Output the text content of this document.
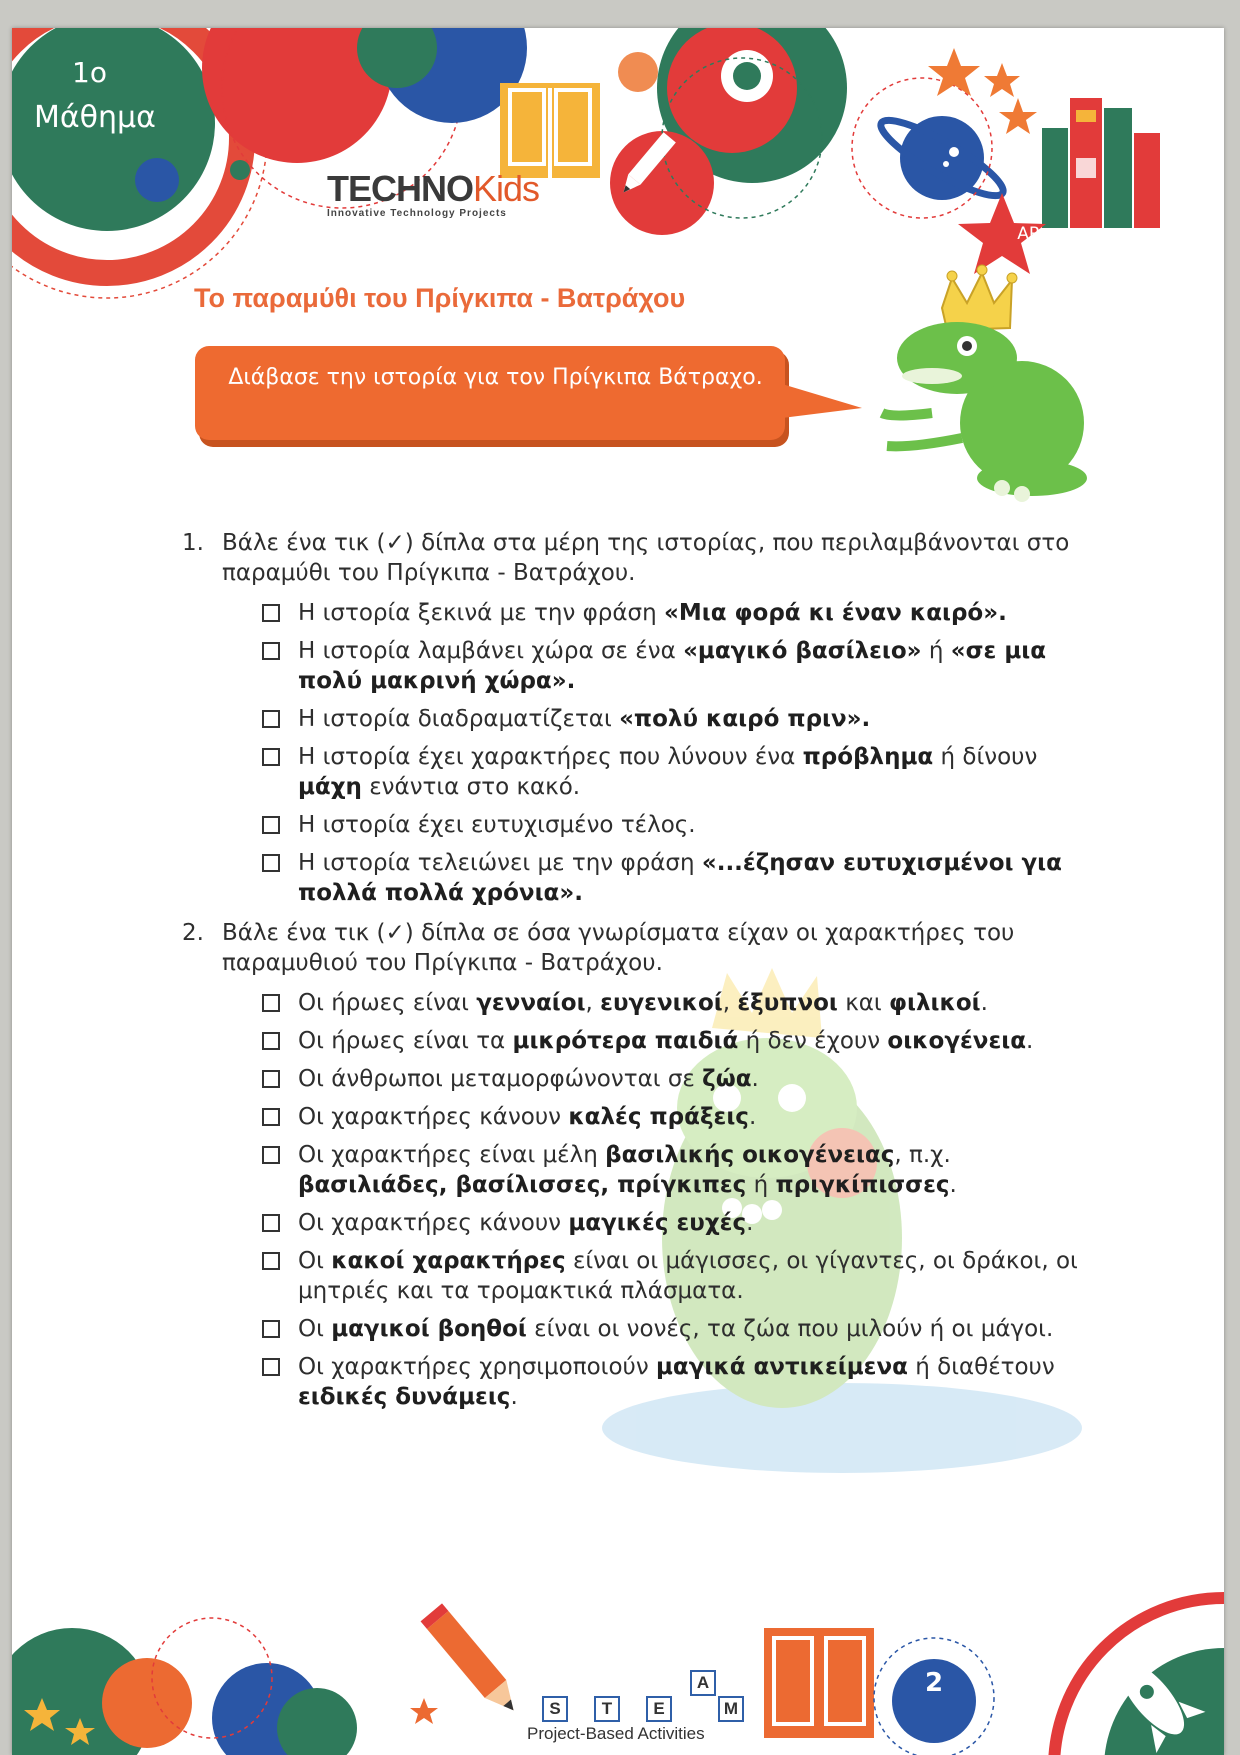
1ο
Μάθημα
TECHNOKids
Innovative Technology Projects
AR
Το παραμύθι του Πρίγκιπα - Βατράχου
Διάβασε την ιστορία για τον Πρίγκιπα Βάτραχο.
1. Βάλε ένα τικ (✓) δίπλα στα μέρη της ιστορίας, που περιλαμβάνονται στο παραμύθι του Πρίγκιπα - Βατράχου.
Η ιστορία ξεκινά με την φράση «Μια φορά κι έναν καιρό».
Η ιστορία λαμβάνει χώρα σε ένα «μαγικό βασίλειο» ή «σε μια πολύ μακρινή χώρα».
Η ιστορία διαδραματίζεται «πολύ καιρό πριν».
Η ιστορία έχει χαρακτήρες που λύνουν ένα πρόβλημα ή δίνουν μάχη ενάντια στο κακό.
Η ιστορία έχει ευτυχισμένο τέλος.
Η ιστορία τελειώνει με την φράση «...έζησαν ευτυχισμένοι για πολλά πολλά χρόνια».
2. Βάλε ένα τικ (✓) δίπλα σε όσα γνωρίσματα είχαν οι χαρακτήρες του παραμυθιού του Πρίγκιπα - Βατράχου.
Οι ήρωες είναι γενναίοι, ευγενικοί, έξυπνοι και φιλικοί.
Οι ήρωες είναι τα μικρότερα παιδιά ή δεν έχουν οικογένεια.
Οι άνθρωποι μεταμορφώνονται σε ζώα.
Οι χαρακτήρες κάνουν καλές πράξεις.
Οι χαρακτήρες είναι μέλη βασιλικής οικογένειας, π.χ. βασιλιάδες, βασίλισσες, πρίγκιπες ή πριγκίπισσες.
Οι χαρακτήρες κάνουν μαγικές ευχές.
Οι κακοί χαρακτήρες είναι οι μάγισσες, οι γίγαντες, οι δράκοι, οι μητριές και τα τρομακτικά πλάσματα.
Οι μαγικοί βοηθοί είναι οι νονές, τα ζώα που μιλούν ή οι μάγοι.
Οι χαρακτήρες χρησιμοποιούν μαγικά αντικείμενα ή διαθέτουν ειδικές δυνάμεις.
2
S	T	E
A
M
Project-Based Activities
